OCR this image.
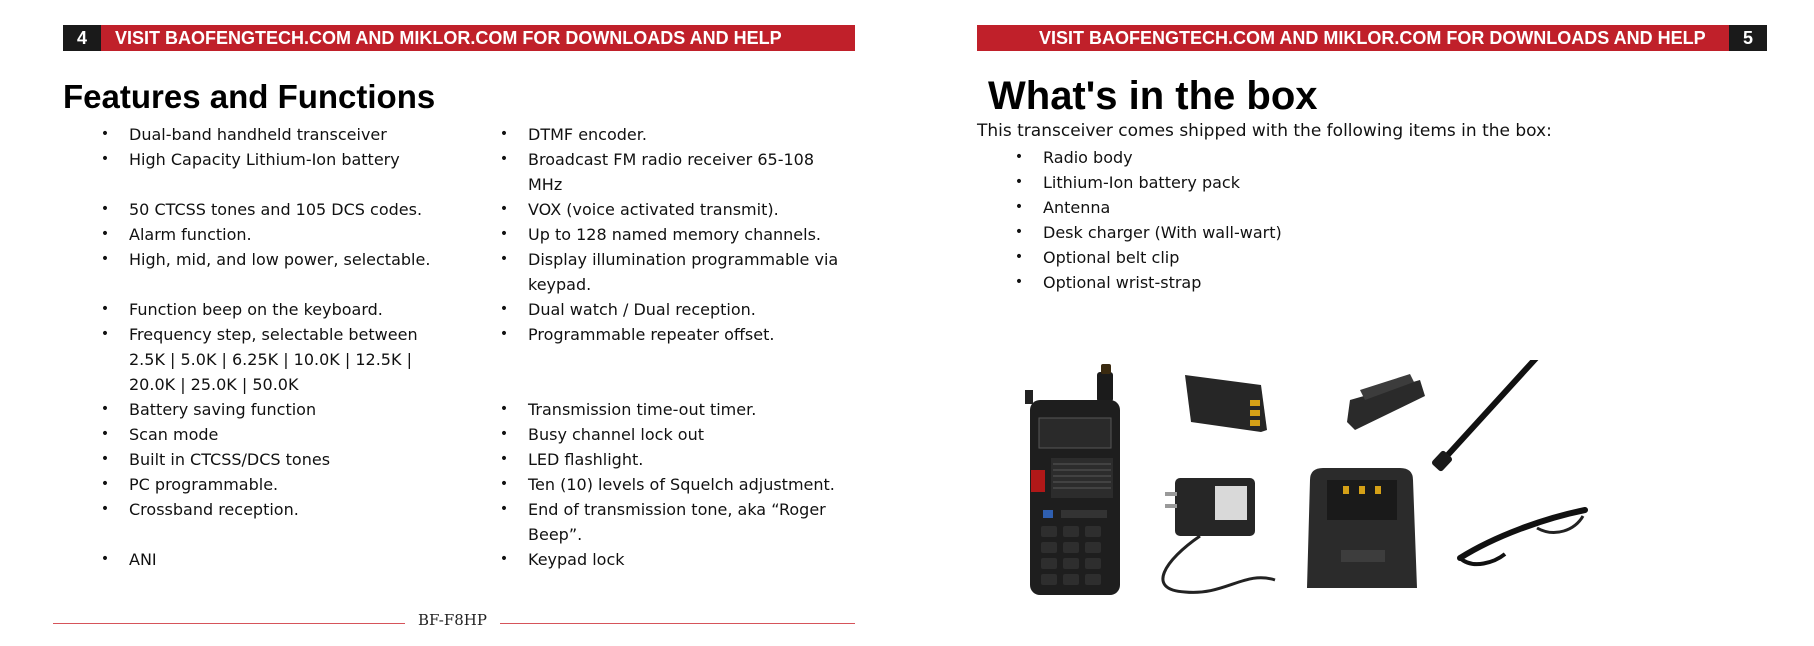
4	VISIT BAOFENGTECH.COM AND MIKLOR.COM FOR DOWNLOADS AND HELP
Features and Functions
•	Dual-band handheld transceiver
•	High Capacity Lithium-Ion battery
•	50 CTCSS tones and 105 DCS codes.
•	Alarm function.
•	High, mid, and low power, selectable.
•	Function beep on the keyboard.
•	Frequency step, selectable between
2.5K | 5.0K | 6.25K | 10.0K | 12.5K |
20.0K | 25.0K | 50.0K
•	Battery saving function
•	Scan mode
•	Built in CTCSS/DCS tones
•	PC programmable.
•	Crossband reception.
•	ANI
•	DTMF encoder.
•	Broadcast FM radio receiver 65-108
MHz
•	VOX (voice activated transmit).
•	Up to 128 named memory channels.
•	Display illumination programmable via
keypad.
•	Dual watch / Dual reception.
•	Programmable repeater offset.
•	Transmission time-out timer.
•	Busy channel lock out
•	LED flashlight.
•	Ten (10) levels of Squelch adjustment.
•	End of transmission tone, aka “Roger
Beep”.
•	Keypad lock
BF-F8HP
VISIT BAOFENGTECH.COM AND MIKLOR.COM FOR DOWNLOADS AND HELP	5
What's in the box

This transceiver comes shipped with the following items in the box:

•	Radio body
•	Lithium-Ion battery pack
•	Antenna
•	Desk charger (With wall-wart)
•	Optional belt clip
•	Optional wrist-strap
